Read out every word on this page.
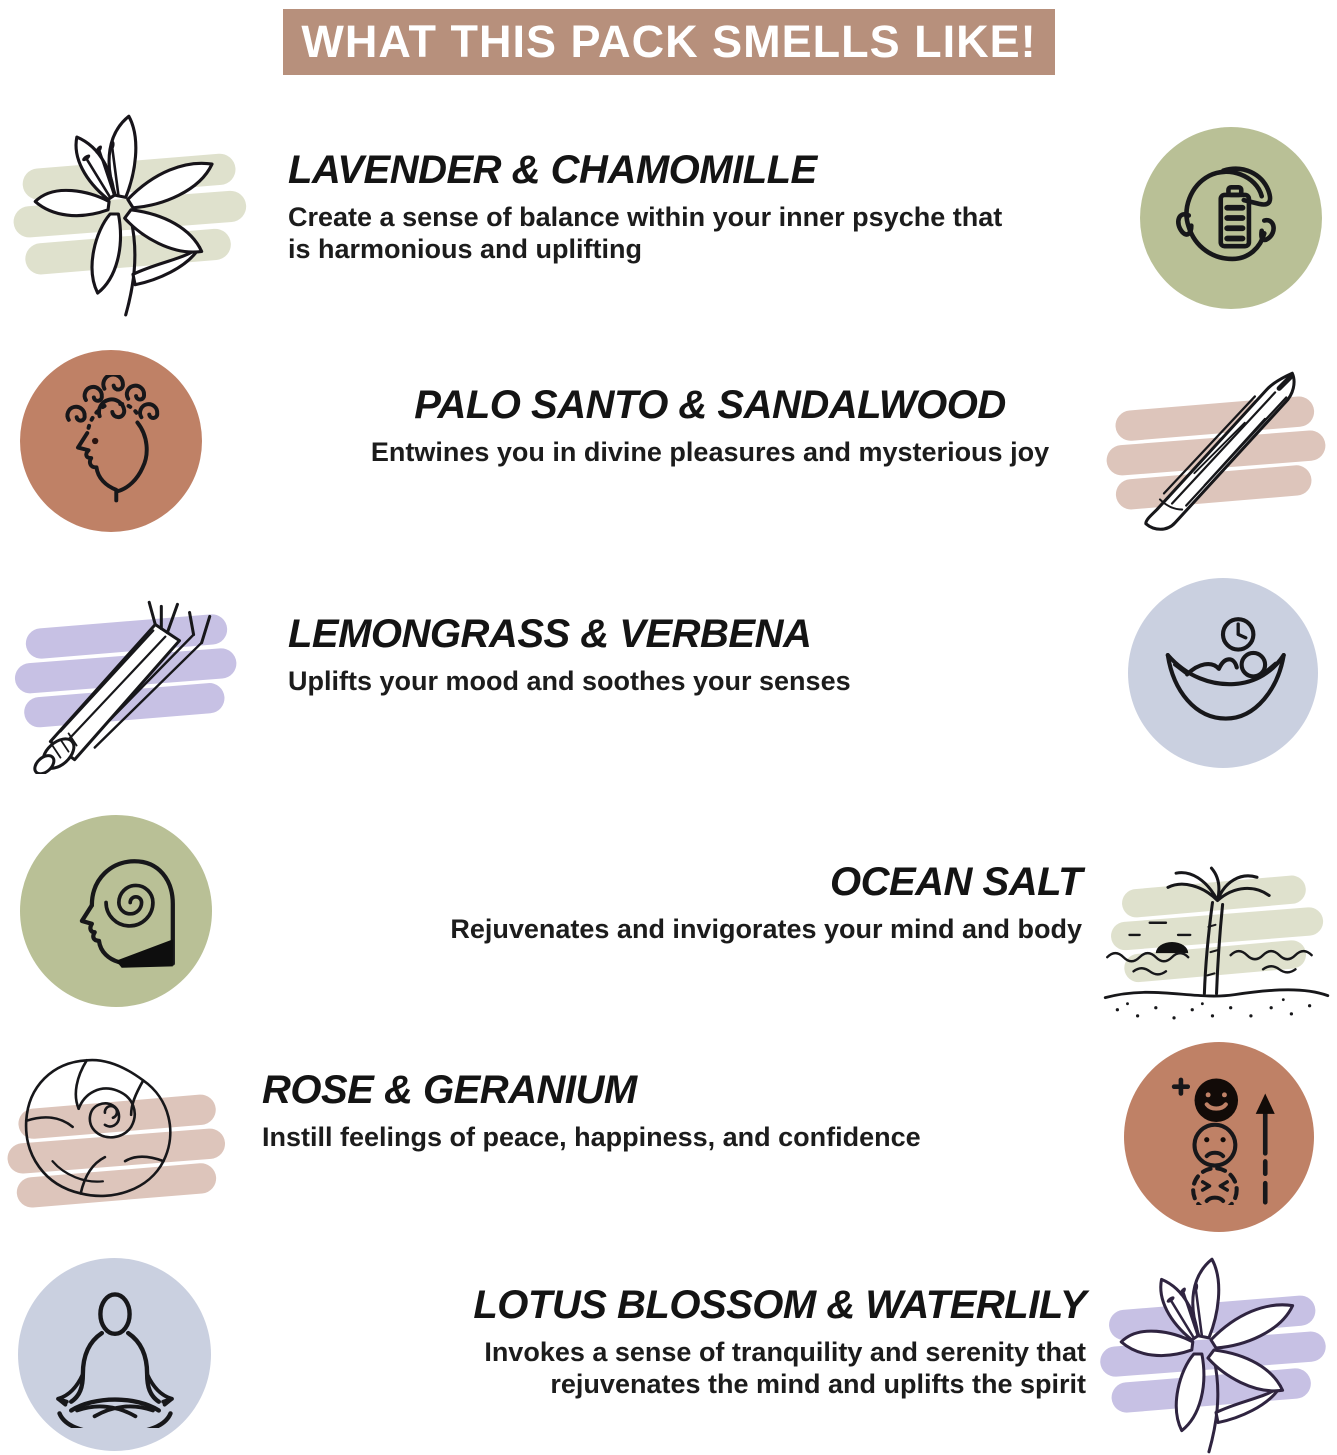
WHAT THIS PACK SMELLS LIKE!
LAVENDER & CHAMOMILLE

Create a sense of balance within your inner psyche that is harmonious and uplifting

PALO SANTO & SANDALWOOD

Entwines you in divine pleasures and mysterious joy

LEMONGRASS & VERBENA

Uplifts your mood and soothes your senses

OCEAN SALT

Rejuvenates and invigorates your mind and body

ROSE & GERANIUM

Instill feelings of peace, happiness, and confidence

LOTUS BLOSSOM & WATERLILY

Invokes a sense of tranquility and serenity that rejuvenates the mind and uplifts the spirit
